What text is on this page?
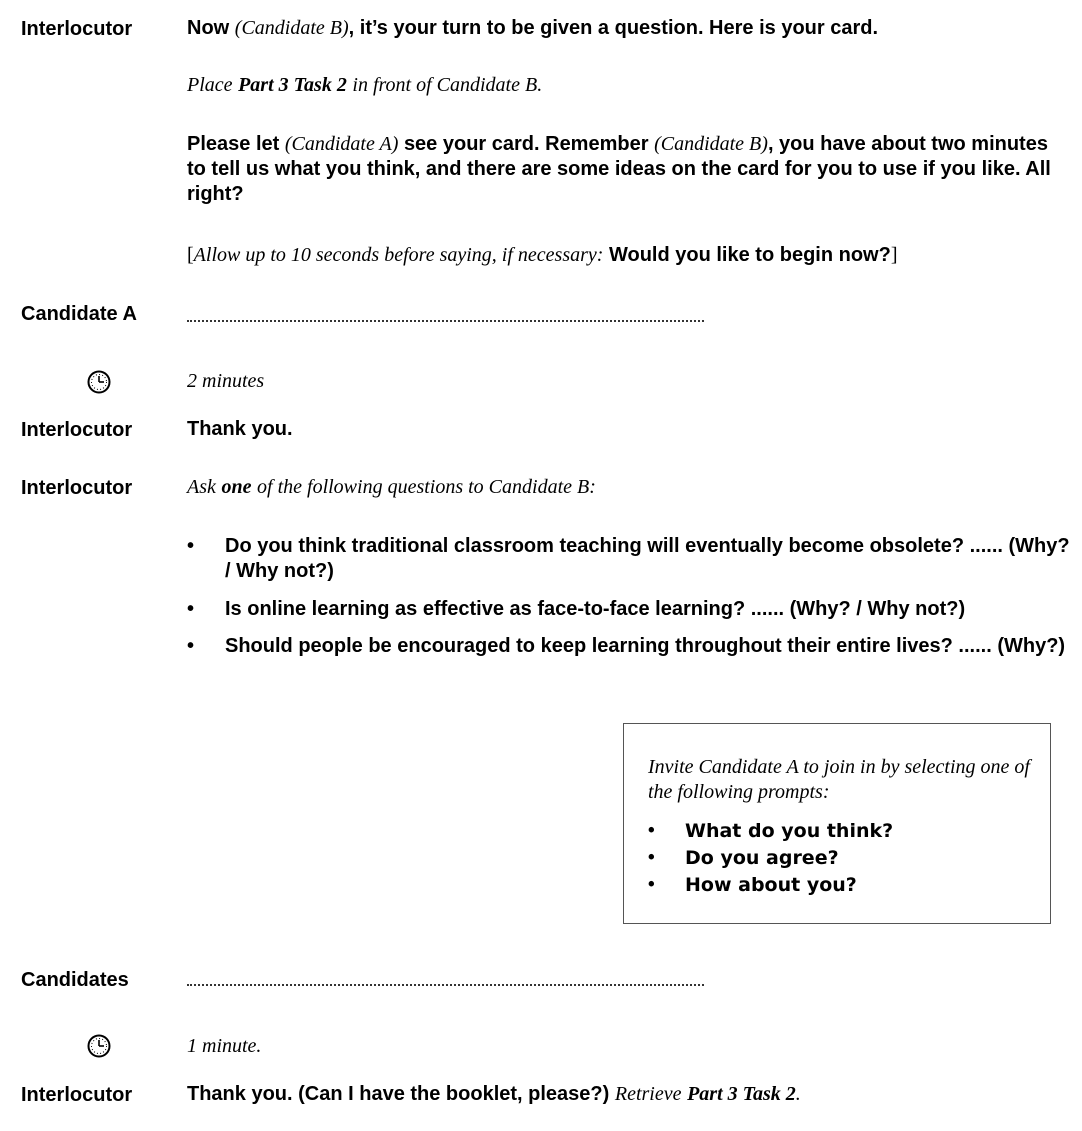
Interlocutor	Now (Candidate B), it’s your turn to be given a question. Here is your card.
Place Part 3 Task 2 in front of Candidate B.
Please let (Candidate A) see your card. Remember (Candidate B), you have about two minutes to tell us what you think, and there are some ideas on the card for you to use if you like. All right?
[Allow up to 10 seconds before saying, if necessary: Would you like to begin now?]
Candidate A
2 minutes
Interlocutor	Thank you.
Interlocutor	Ask one of the following questions to Candidate B:
• Do you think traditional classroom teaching will eventually become obsolete? ...... (Why? / Why not?)
• Is online learning as effective as face-to-face learning? ...... (Why? / Why not?)
• Should people be encouraged to keep learning throughout their entire lives? ...... (Why?)
Invite Candidate A to join in by selecting one of the following prompts:
• What do you think?
• Do you agree?
• How about you?
Candidates
1 minute.
Interlocutor	Thank you. (Can I have the booklet, please?) Retrieve Part 3 Task 2.
